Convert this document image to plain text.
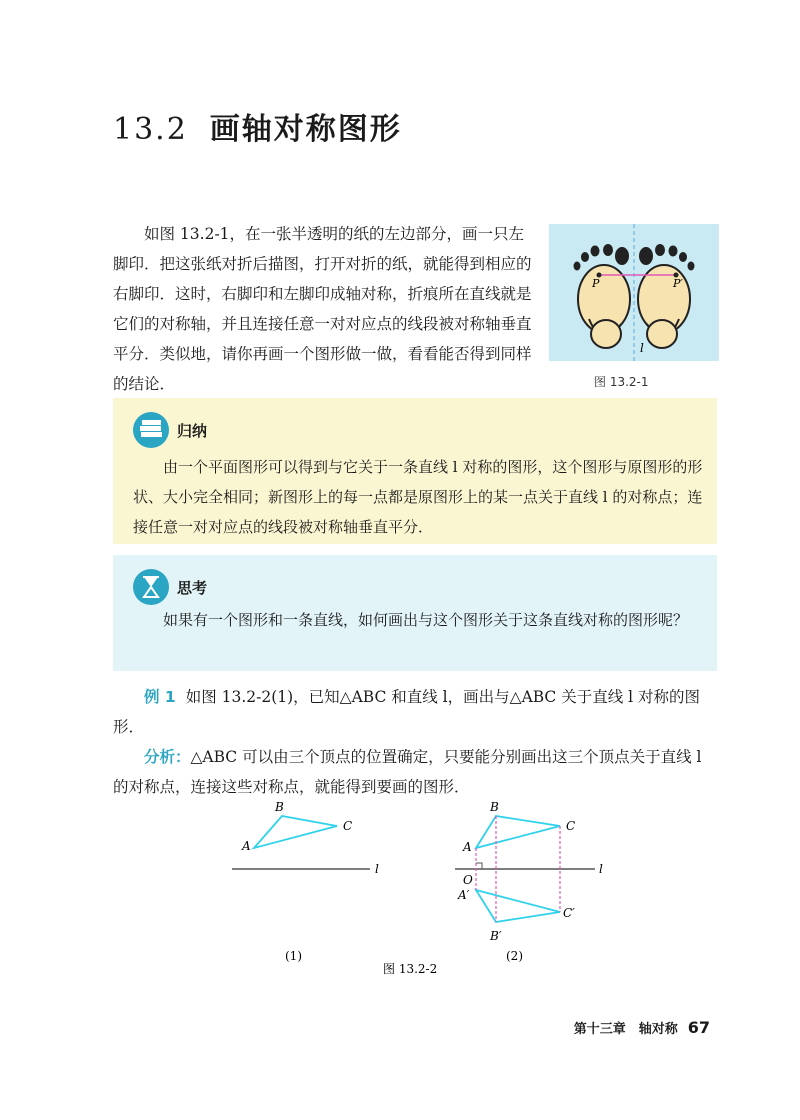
13.2 画轴对称图形

如图 13.2-1，在一张半透明的纸的左边部分，画一只左脚印．把这张纸对折后描图，打开对折的纸，就能得到相应的右脚印．这时，右脚印和左脚印成轴对称，折痕所在直线就是它们的对称轴，并且连接任意一对对应点的线段被对称轴垂直平分．类似地，请你再画一个图形做一做，看看能否得到同样的结论．

P	P′
l
图 13.2-1
归纳

由一个平面图形可以得到与它关于一条直线 l 对称的图形，这个图形与原图形的形状、大小完全相同；新图形上的每一点都是原图形上的某一点关于直线 l 的对称点；连接任意一对对应点的线段被对称轴垂直平分．

思考

如果有一个图形和一条直线，如何画出与这个图形关于这条直线对称的图形呢？

例 1 如图 13.2-2(1)，已知△ABC 和直线 l，画出与△ABC 关于直线 l 对称的图形．

分析：△ABC 可以由三个顶点的位置确定，只要能分别画出这三个顶点关于直线 l 的对称点，连接这些对称点，就能得到要画的图形．

A
B
C
l
(1)
A
B
C
O
A′
B′
C′
l
(2)
图 13.2-2
第十三章　轴对称 67
